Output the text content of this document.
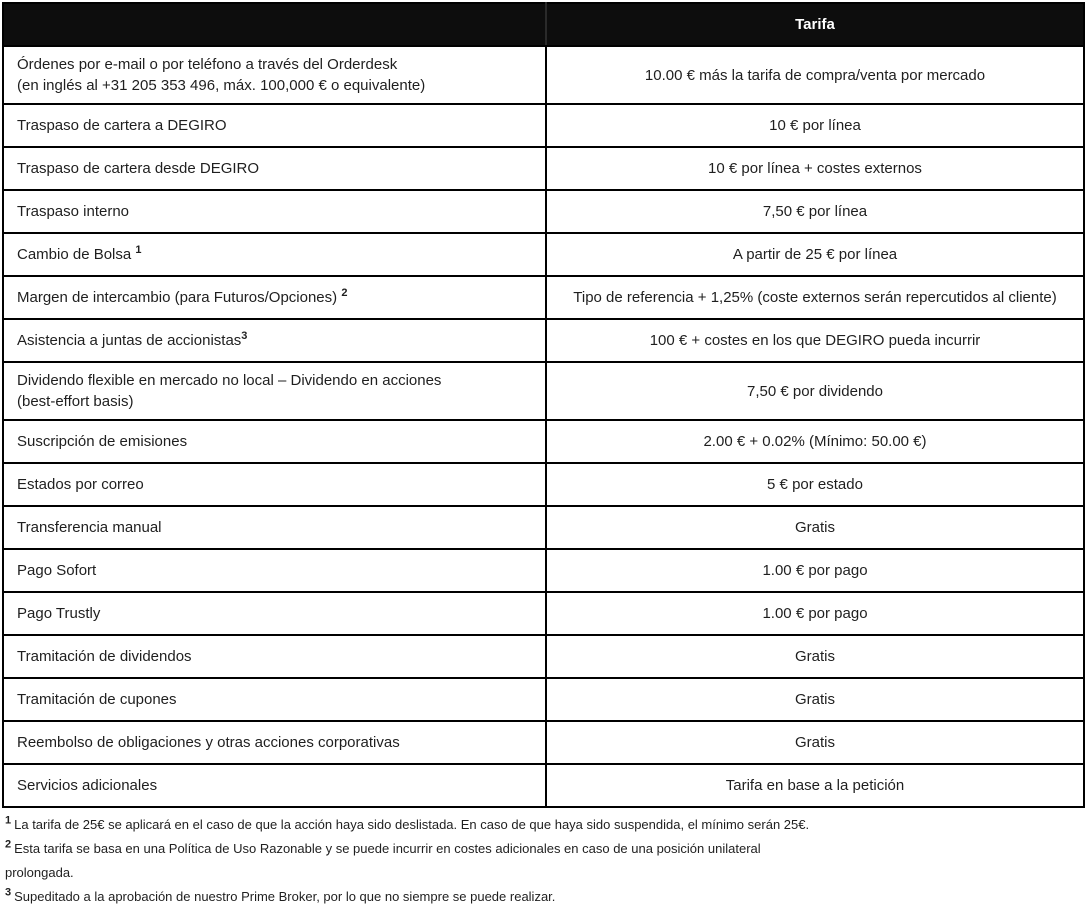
	Tarifa
Órdenes por e-mail o por teléfono a través del Orderdesk
(en inglés al +31 205 353 496, máx. 100,000 € o equivalente)	10.00 € más la tarifa de compra/venta por mercado
Traspaso de cartera a DEGIRO	10 € por línea
Traspaso de cartera desde DEGIRO	10 € por línea + costes externos
Traspaso interno	7,50 € por línea
Cambio de Bolsa $^1$	A partir de 25 € por línea
Margen de intercambio (para Futuros/Opciones) $^2$	Tipo de referencia + 1,25% (coste externos serán repercutidos al cliente)
Asistencia a juntas de accionistas$^3$	100 € + costes en los que DEGIRO pueda incurrir
Dividendo flexible en mercado no local – Dividendo en acciones
(best-effort basis)	7,50 € por dividendo
Suscripción de emisiones	2.00 € + 0.02% (Mínimo: 50.00 €)
Estados por correo	5 € por estado
Transferencia manual	Gratis
Pago Sofort	1.00 € por pago
Pago Trustly	1.00 € por pago
Tramitación de dividendos	Gratis
Tramitación de cupones	Gratis
Reembolso de obligaciones y otras acciones corporativas	Gratis
Servicios adicionales	Tarifa en base a la petición

$^1$ La tarifa de 25€ se aplicará en el caso de que la acción haya sido deslistada. En caso de que haya sido suspendida, el mínimo serán 25€.

$^2$ Esta tarifa se basa en una Política de Uso Razonable y se puede incurrir en costes adicionales en caso de una posición unilateral

prolongada.

$^3$ Supeditado a la aprobación de nuestro Prime Broker, por lo que no siempre se puede realizar.
